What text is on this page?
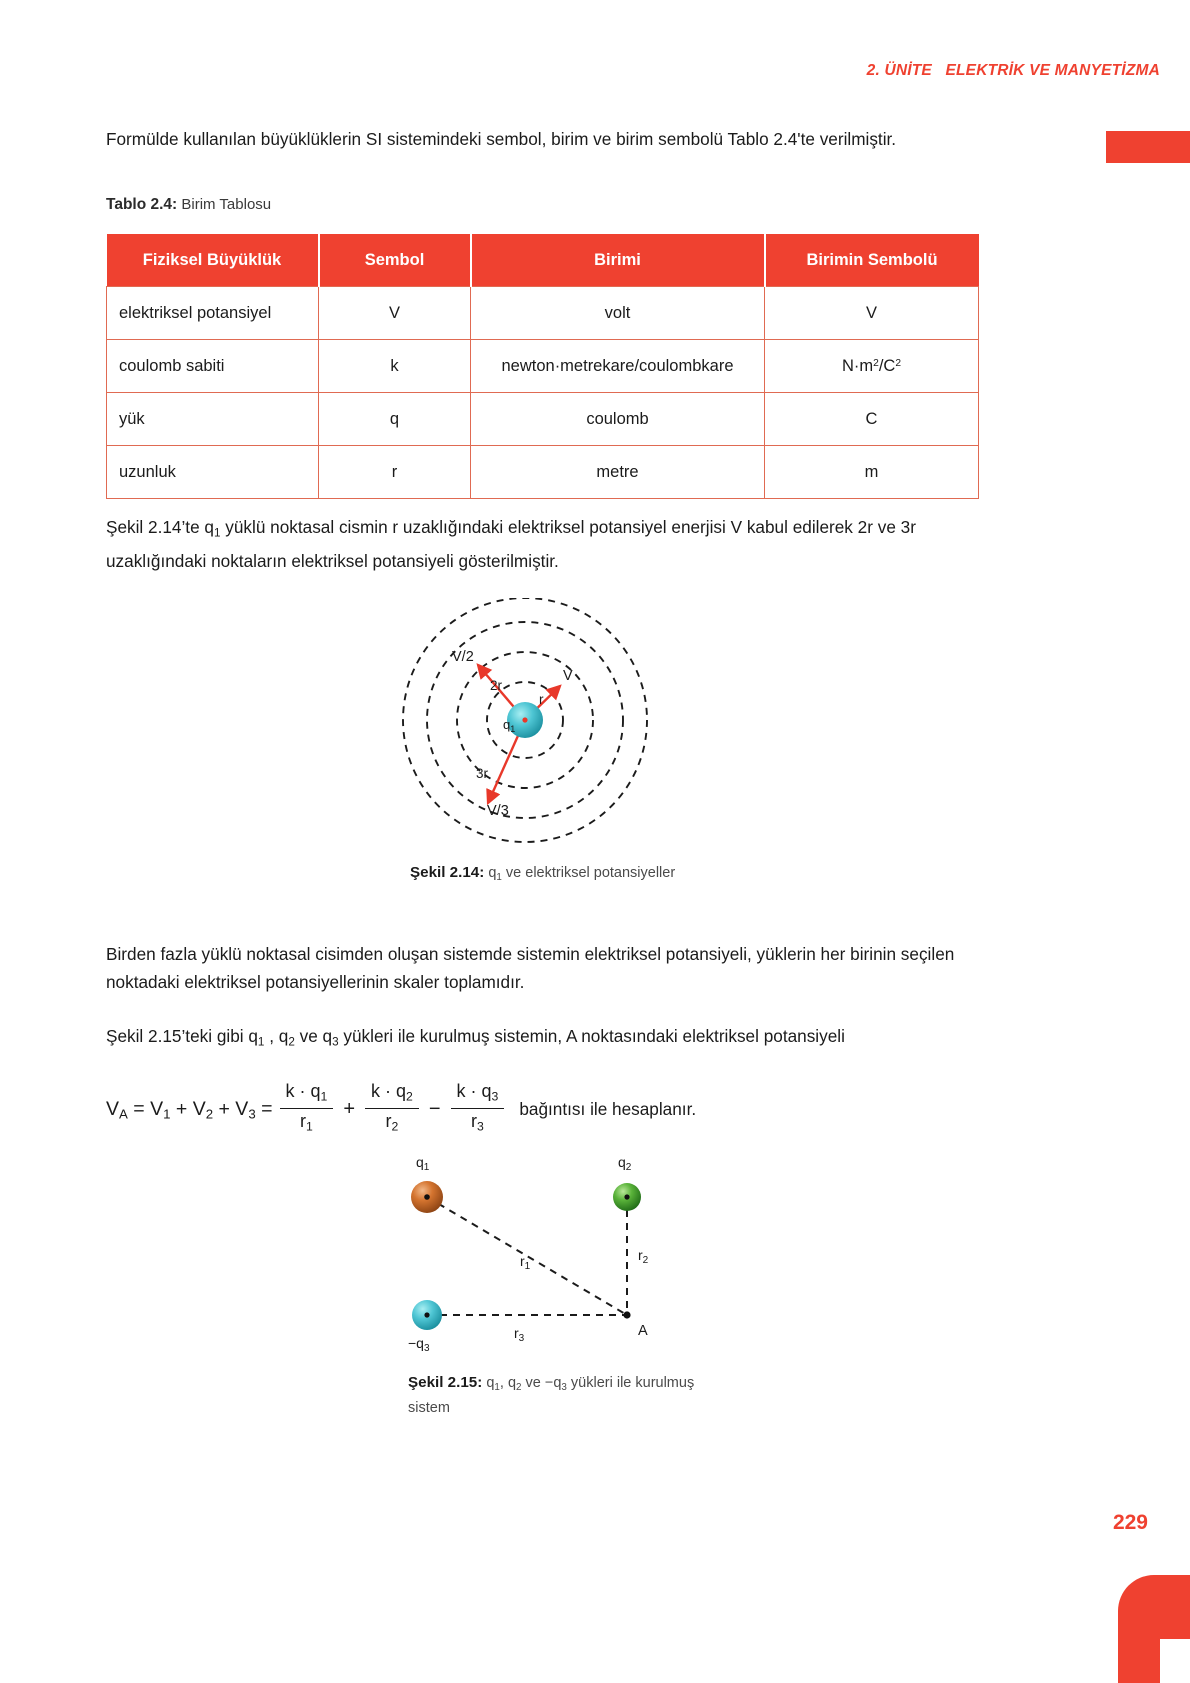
2. ÜNİTE   ELEKTRİK VE MANYETİZMA
Formülde kullanılan büyüklüklerin SI sistemindeki sembol, birim ve birim sembolü Tablo 2.4'te verilmiştir.
Tablo 2.4: Birim Tablosu
Fiziksel Büyüklük	Sembol	Birimi	Birimin Sembolü
elektriksel potansiyel	V	volt	V
coulomb sabiti	k	newton·metrekare/coulombkare	$N\cdot m^2/C^2$
yük	q	coulomb	C
uzunluk	r	metre	m
Şekil 2.14’te $q_1$ yüklü noktasal cismin r uzaklığındaki elektriksel potansiyel enerjisi V kabul edilerek 2r ve 3r uzaklığındaki noktaların elektriksel potansiyeli gösterilmiştir.
$q_1$
r
2r
3r
V
V/2
V/3
Şekil 2.14: $q_1$ ve elektriksel potansiyeller
Birden fazla yüklü noktasal cisimden oluşan sistemde sistemin elektriksel potansiyeli, yüklerin her birinin seçilen noktadaki elektriksel potansiyellerinin skaler toplamıdır.
Şekil 2.15’teki gibi $q_1$ , $q_2$ ve $q_3$ yükleri ile kurulmuş sistemin, A noktasındaki elektriksel potansiyeli
$V_A = V_1 + V_2 + V_3 = \frac{k \cdot q_1}{r_1} + \frac{k \cdot q_2}{r_2} - \frac{k \cdot q_3}{r_3}$ bağıntısı ile hesaplanır.
$q_1$	$q_2$
$-q_3$
$r_1$
$r_2$
$r_3$	A
Şekil 2.15: $q_1$, $q_2$ ve $-q_3$ yükleri ile kurulmuş sistem
229
